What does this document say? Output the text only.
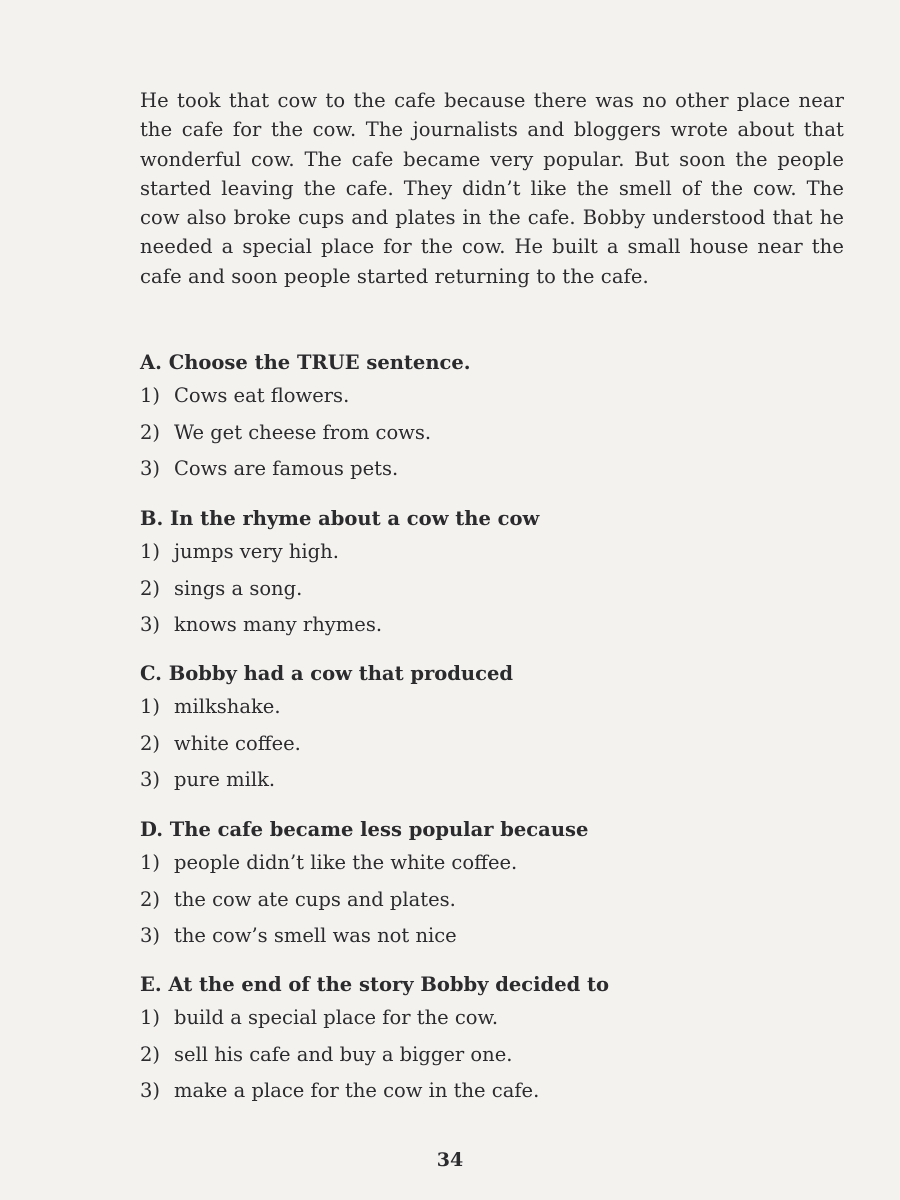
He took that cow to the cafe because there was no other place near the cafe for the cow. The journalists and bloggers wrote about that wonderful cow. The cafe became very popular. But soon the people started leaving the cafe. They didn’t like the smell of the cow. The cow also broke cups and plates in the cafe. Bobby understood that he needed a special place for the cow. He built a small house near the cafe and soon people started returning to the cafe.

A. Choose the TRUE sentence.

1) Cows eat flowers.

2) We get cheese from cows.

3) Cows are famous pets.

B. In the rhyme about a cow the cow

1) jumps very high.

2) sings a song.

3) knows many rhymes.

C. Bobby had a cow that produced

1) milkshake.

2) white coffee.

3) pure milk.

D. The cafe became less popular because

1) people didn’t like the white coffee.

2) the cow ate cups and plates.

3) the cow’s smell was not nice

E. At the end of the story Bobby decided to

1) build a special place for the cow.

2) sell his cafe and buy a bigger one.

3) make a place for the cow in the cafe.

34
